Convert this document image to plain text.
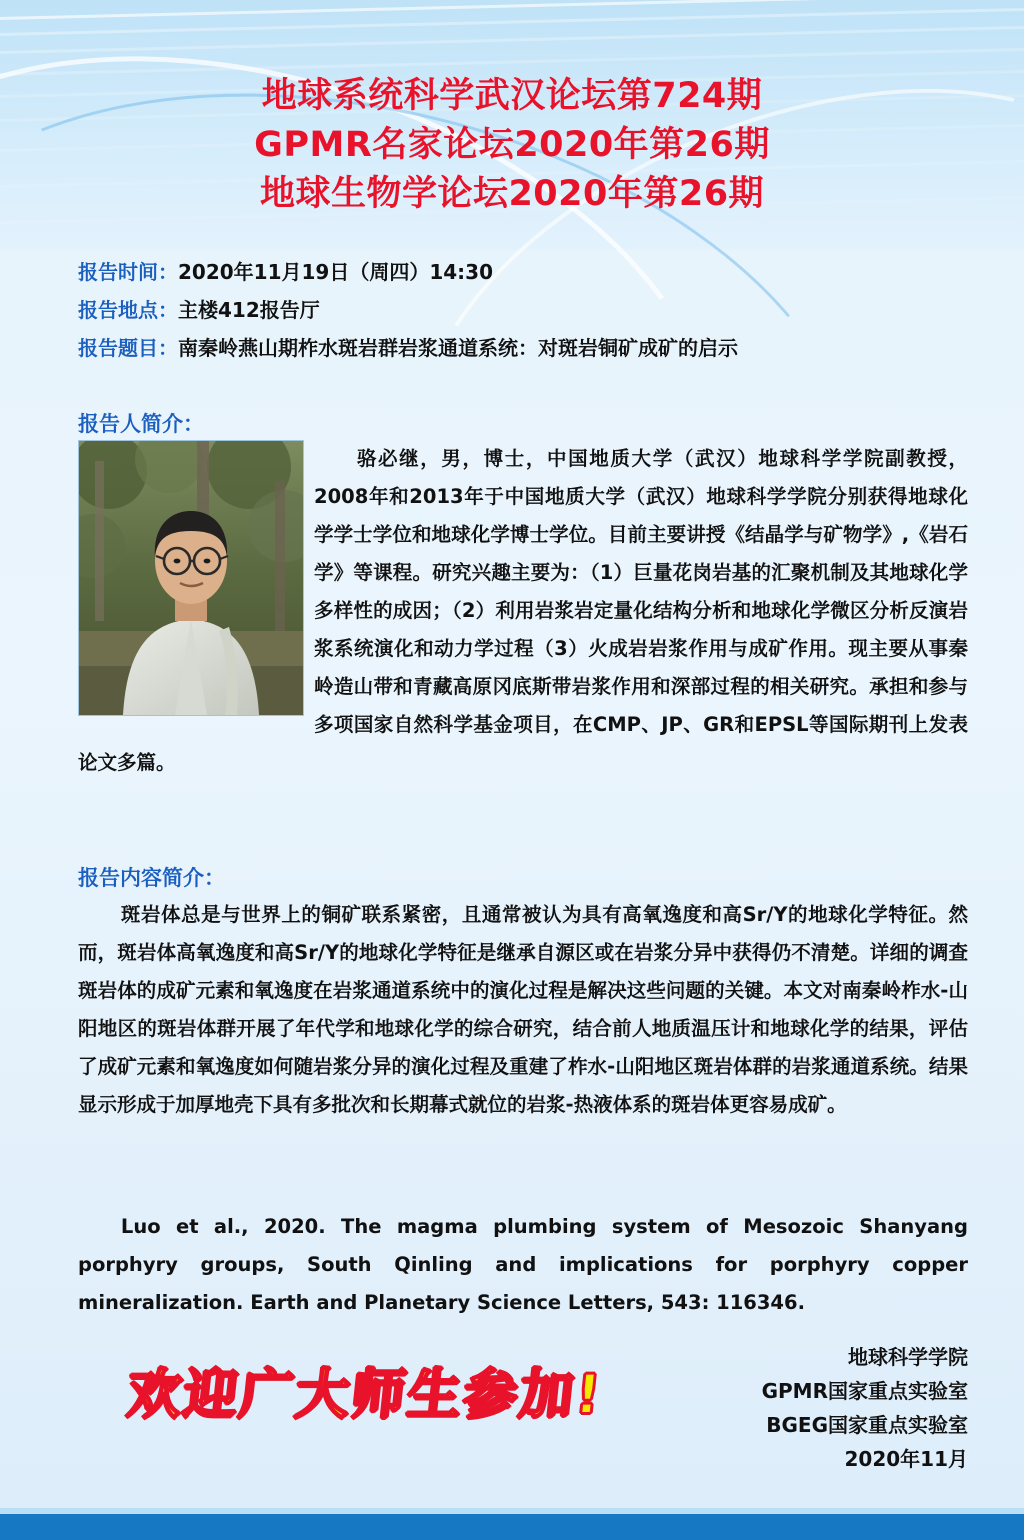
地球系统科学武汉论坛第724期
GPMR名家论坛2020年第26期
地球生物学论坛2020年第26期
报告时间： 2020年11月19日（周四）14:30
报告地点： 主楼412报告厅
报告题目： 南秦岭燕山期柞水斑岩群岩浆通道系统：对斑岩铜矿成矿的启示
报告人简介：

骆必继，男，博士，中国地质大学（武汉）地球科学学院副教授，2008年和2013年于中国地质大学（武汉）地球科学学院分别获得地球化学学士学位和地球化学博士学位。目前主要讲授《结晶学与矿物学》,《岩石学》等课程。研究兴趣主要为：（1）巨量花岗岩基的汇聚机制及其地球化学多样性的成因；（2）利用岩浆岩定量化结构分析和地球化学微区分析反演岩浆系统演化和动力学过程（3）火成岩岩浆作用与成矿作用。现主要从事秦岭造山带和青藏高原冈底斯带岩浆作用和深部过程的相关研究。承担和参与多项国家自然科学基金项目，在CMP、JP、GR和EPSL等国际期刊上发表论文多篇。

报告内容简介：

斑岩体总是与世界上的铜矿联系紧密，且通常被认为具有高氧逸度和高Sr/Y的地球化学特征。然而，斑岩体高氧逸度和高Sr/Y的地球化学特征是继承自源区或在岩浆分异中获得仍不清楚。详细的调查斑岩体的成矿元素和氧逸度在岩浆通道系统中的演化过程是解决这些问题的关键。本文对南秦岭柞水-山阳地区的斑岩体群开展了年代学和地球化学的综合研究，结合前人地质温压计和地球化学的结果，评估了成矿元素和氧逸度如何随岩浆分异的演化过程及重建了柞水-山阳地区斑岩体群的岩浆通道系统。结果显示形成于加厚地壳下具有多批次和长期幕式就位的岩浆-热液体系的斑岩体更容易成矿。

Luo et al., 2020. The magma plumbing system of Mesozoic Shanyang porphyry groups, South Qinling and implications for porphyry copper mineralization. Earth and Planetary Science Letters, 543: 116346.

欢迎广大师生参加!
地球科学学院
GPMR国家重点实验室
BGEG国家重点实验室
2020年11月
